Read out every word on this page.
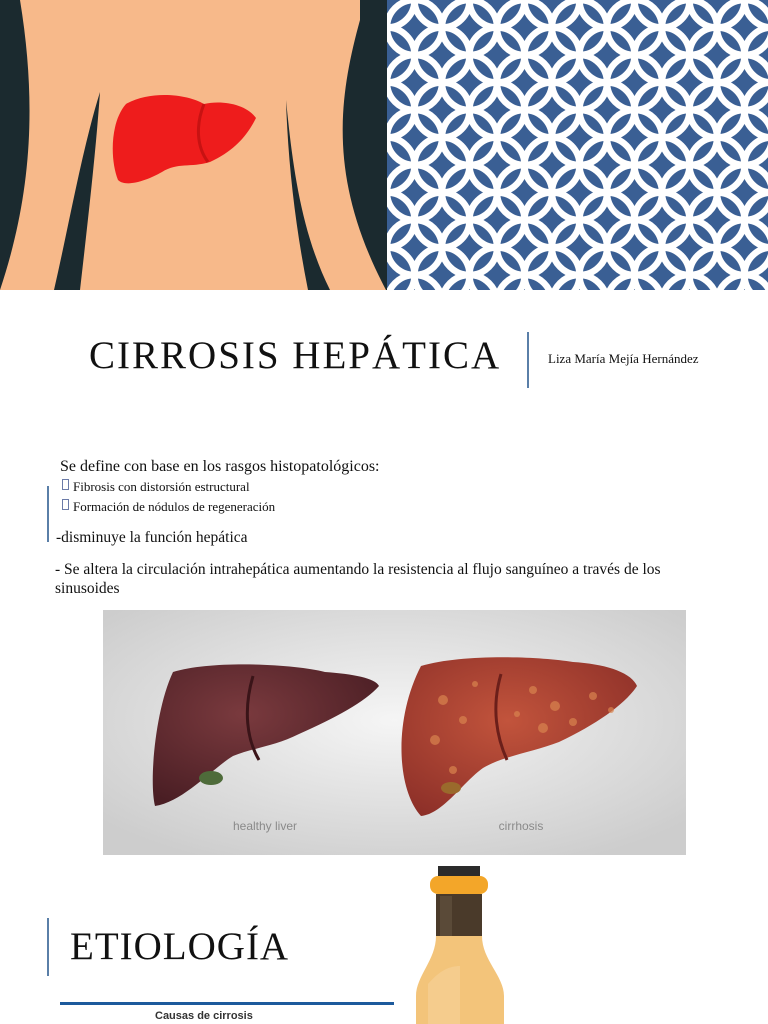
CIRROSIS HEPÁTICA	Liza María Mejía Hernández
Se define con base en los rasgos histopatológicos:
Fibrosis con distorsión estructural
Formación de nódulos de regeneración
-disminuye la función hepática
- Se altera la circulación intrahepática aumentando la resistencia al flujo sanguíneo a través de los sinusoides
healthy liver	cirrhosis
ETIOLOGÍA
Causas de cirrosis
